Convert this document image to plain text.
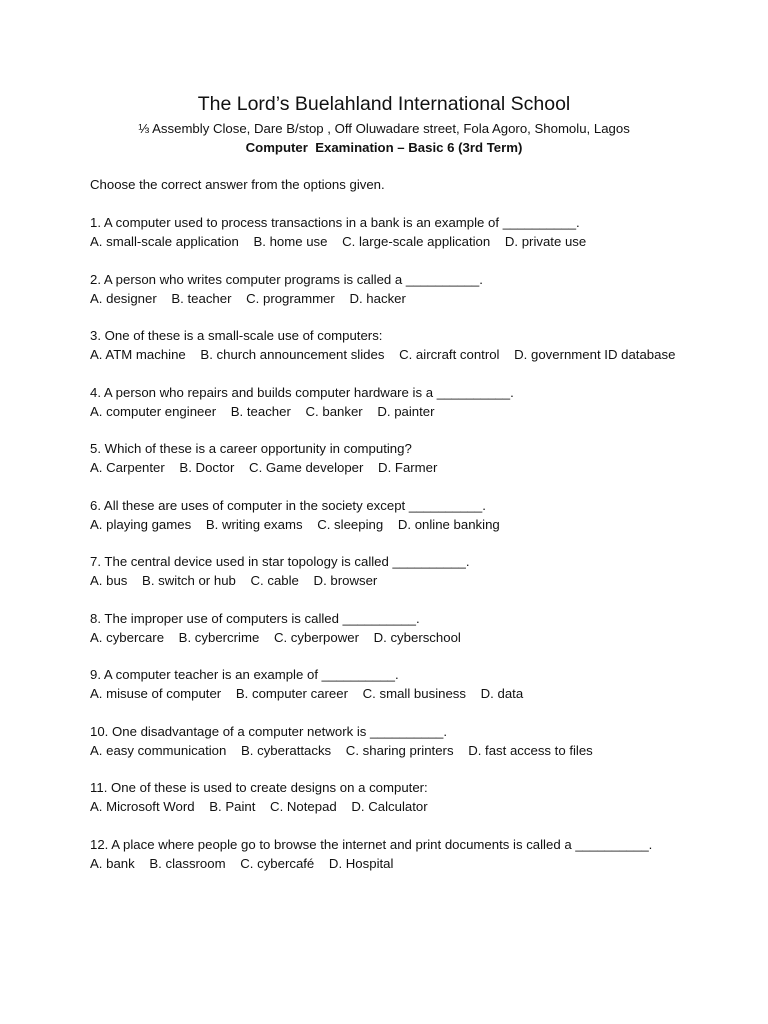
The Lord’s Buelahland International School
⅓ Assembly Close, Dare B/stop , Off Oluwadare street, Fola Agoro, Shomolu, Lagos
Computer  Examination – Basic 6 (3rd Term)
Choose the correct answer from the options given.
1. A computer used to process transactions in a bank is an example of __________.
A. small-scale application    B. home use    C. large-scale application    D. private use
2. A person who writes computer programs is called a __________.
A. designer    B. teacher    C. programmer    D. hacker
3. One of these is a small-scale use of computers:
A. ATM machine    B. church announcement slides    C. aircraft control    D. government ID database
4. A person who repairs and builds computer hardware is a __________.
A. computer engineer    B. teacher    C. banker    D. painter
5. Which of these is a career opportunity in computing?
A. Carpenter    B. Doctor    C. Game developer    D. Farmer
6. All these are uses of computer in the society except __________.
A. playing games    B. writing exams    C. sleeping    D. online banking
7. The central device used in star topology is called __________.
A. bus    B. switch or hub    C. cable    D. browser
8. The improper use of computers is called __________.
A. cybercare    B. cybercrime    C. cyberpower    D. cyberschool
9. A computer teacher is an example of __________.
A. misuse of computer    B. computer career    C. small business    D. data
10. One disadvantage of a computer network is __________.
A. easy communication    B. cyberattacks    C. sharing printers    D. fast access to files
11. One of these is used to create designs on a computer:
A. Microsoft Word    B. Paint    C. Notepad    D. Calculator
12. A place where people go to browse the internet and print documents is called a __________.
A. bank    B. classroom    C. cybercafé    D. Hospital
